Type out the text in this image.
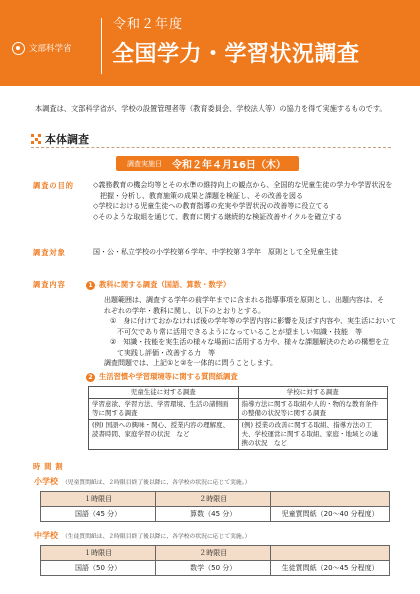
文部科学省
令和２年度
全国学力・学習状況調査
本調査は、文部科学省が、学校の設置管理者等（教育委員会、学校法人等）の協力を得て実施するものです。
本体調査
調査実施日	令和２年４月16日（木）
調査の目的	◇義務教育の機会均等とその水準の維持向上の観点から、全国的な児童生徒の学力や学習状況を
　把握・分析し、教育施策の成果と課題を検証し、その改善を図る
◇学校における児童生徒への教育指導の充実や学習状況の改善等に役立てる
◇そのような取組を通じて、教育に関する継続的な検証改善サイクルを確立する
調査対象	国・公・私立学校の小学校第６学年、中学校第３学年　原則として全児童生徒
調査内容	1 教科に関する調査（国語、算数・数学）
出題範囲は、調査する学年の前学年までに含まれる指導事項を原則とし、出題内容は、そ
れぞれの学年・教科に関し、以下のとおりとする。
①　身に付けておかなければ後の学年等の学習内容に影響を及ぼす内容や、実生活において
　不可欠であり常に活用できるようになっていることが望ましい知識・技能　等
②　知識・技能を実生活の様々な場面に活用する力や、様々な課題解決のための構想を立
　て実践し評価・改善する力　等
調査問題では、上記①と②を一体的に問うことします。
2 生活習慣や学習環境等に関する質問紙調査
児童生徒に対する調査	学校に対する調査
学習意欲、学習方法、学習環境、生活の諸側面等に関する調査	指導方法に関する取組や人的・物的な教育条件の整備の状況等に関する調査
(例) 国語への興味・関心、授業内容の理解度、読書時間、家庭学習の状況　など	(例) 授業の改善に関する取組、指導方法の工夫、学校運営に関する取組、家庭・地域との連携の状況　など
時間割
小学校 （児童質問紙は、２時限目終了後以降に、各学校の状況に応じて実施。）
１時限目	２時限目	
国語（45 分）	算数（45 分）	児童質問紙（20～40 分程度）
中学校 （生徒質問紙は、２時限目終了後以降に、各学校の状況に応じて実施。）
１時限目	２時限目	
国語（50 分）	数学（50 分）	生徒質問紙（20～45 分程度）
